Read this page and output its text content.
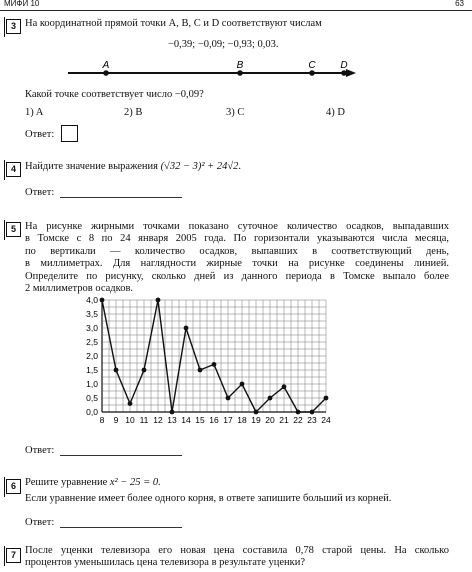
МИФИ 10	63
3 На координатной прямой точки A, B, C и D соответствуют числам
−0,39; −0,09; −0,93; 0,03.
A	B	C D
Какой точке соответствует число −0,09?
1) A	2) B	3) C	4) D
Ответ:
4 Найдите значение выражения (√32 − 3)² + 24√2.
Ответ:
5 На рисунке жирными точками показано суточное количество осадков, выпадавших
в Томске с 8 по 24 января 2005 года. По горизонтали указываются числа месяца,
по вертикали — количество осадков, выпавших в соответствующий день,
в миллиметрах. Для наглядности жирные точки на рисунке соединены линией.
Определите по рисунку, сколько дней из данного периода в Томске выпало более
2 миллиметров осадков.
0,0
0,5
1,0
1,5
2,0
2,5
3,0
3,5
4,0
8 9 10 11 12 13 14 15 16 17 18 19 20 21 22 23 24
Ответ:
6 Решите уравнение x² − 25 = 0.
Если уравнение имеет более одного корня, в ответе запишите больший из корней.
Ответ:
7 После уценки телевизора его новая цена составила 0,78 старой цены. На сколько
процентов уменьшилась цена телевизора в результате уценки?
